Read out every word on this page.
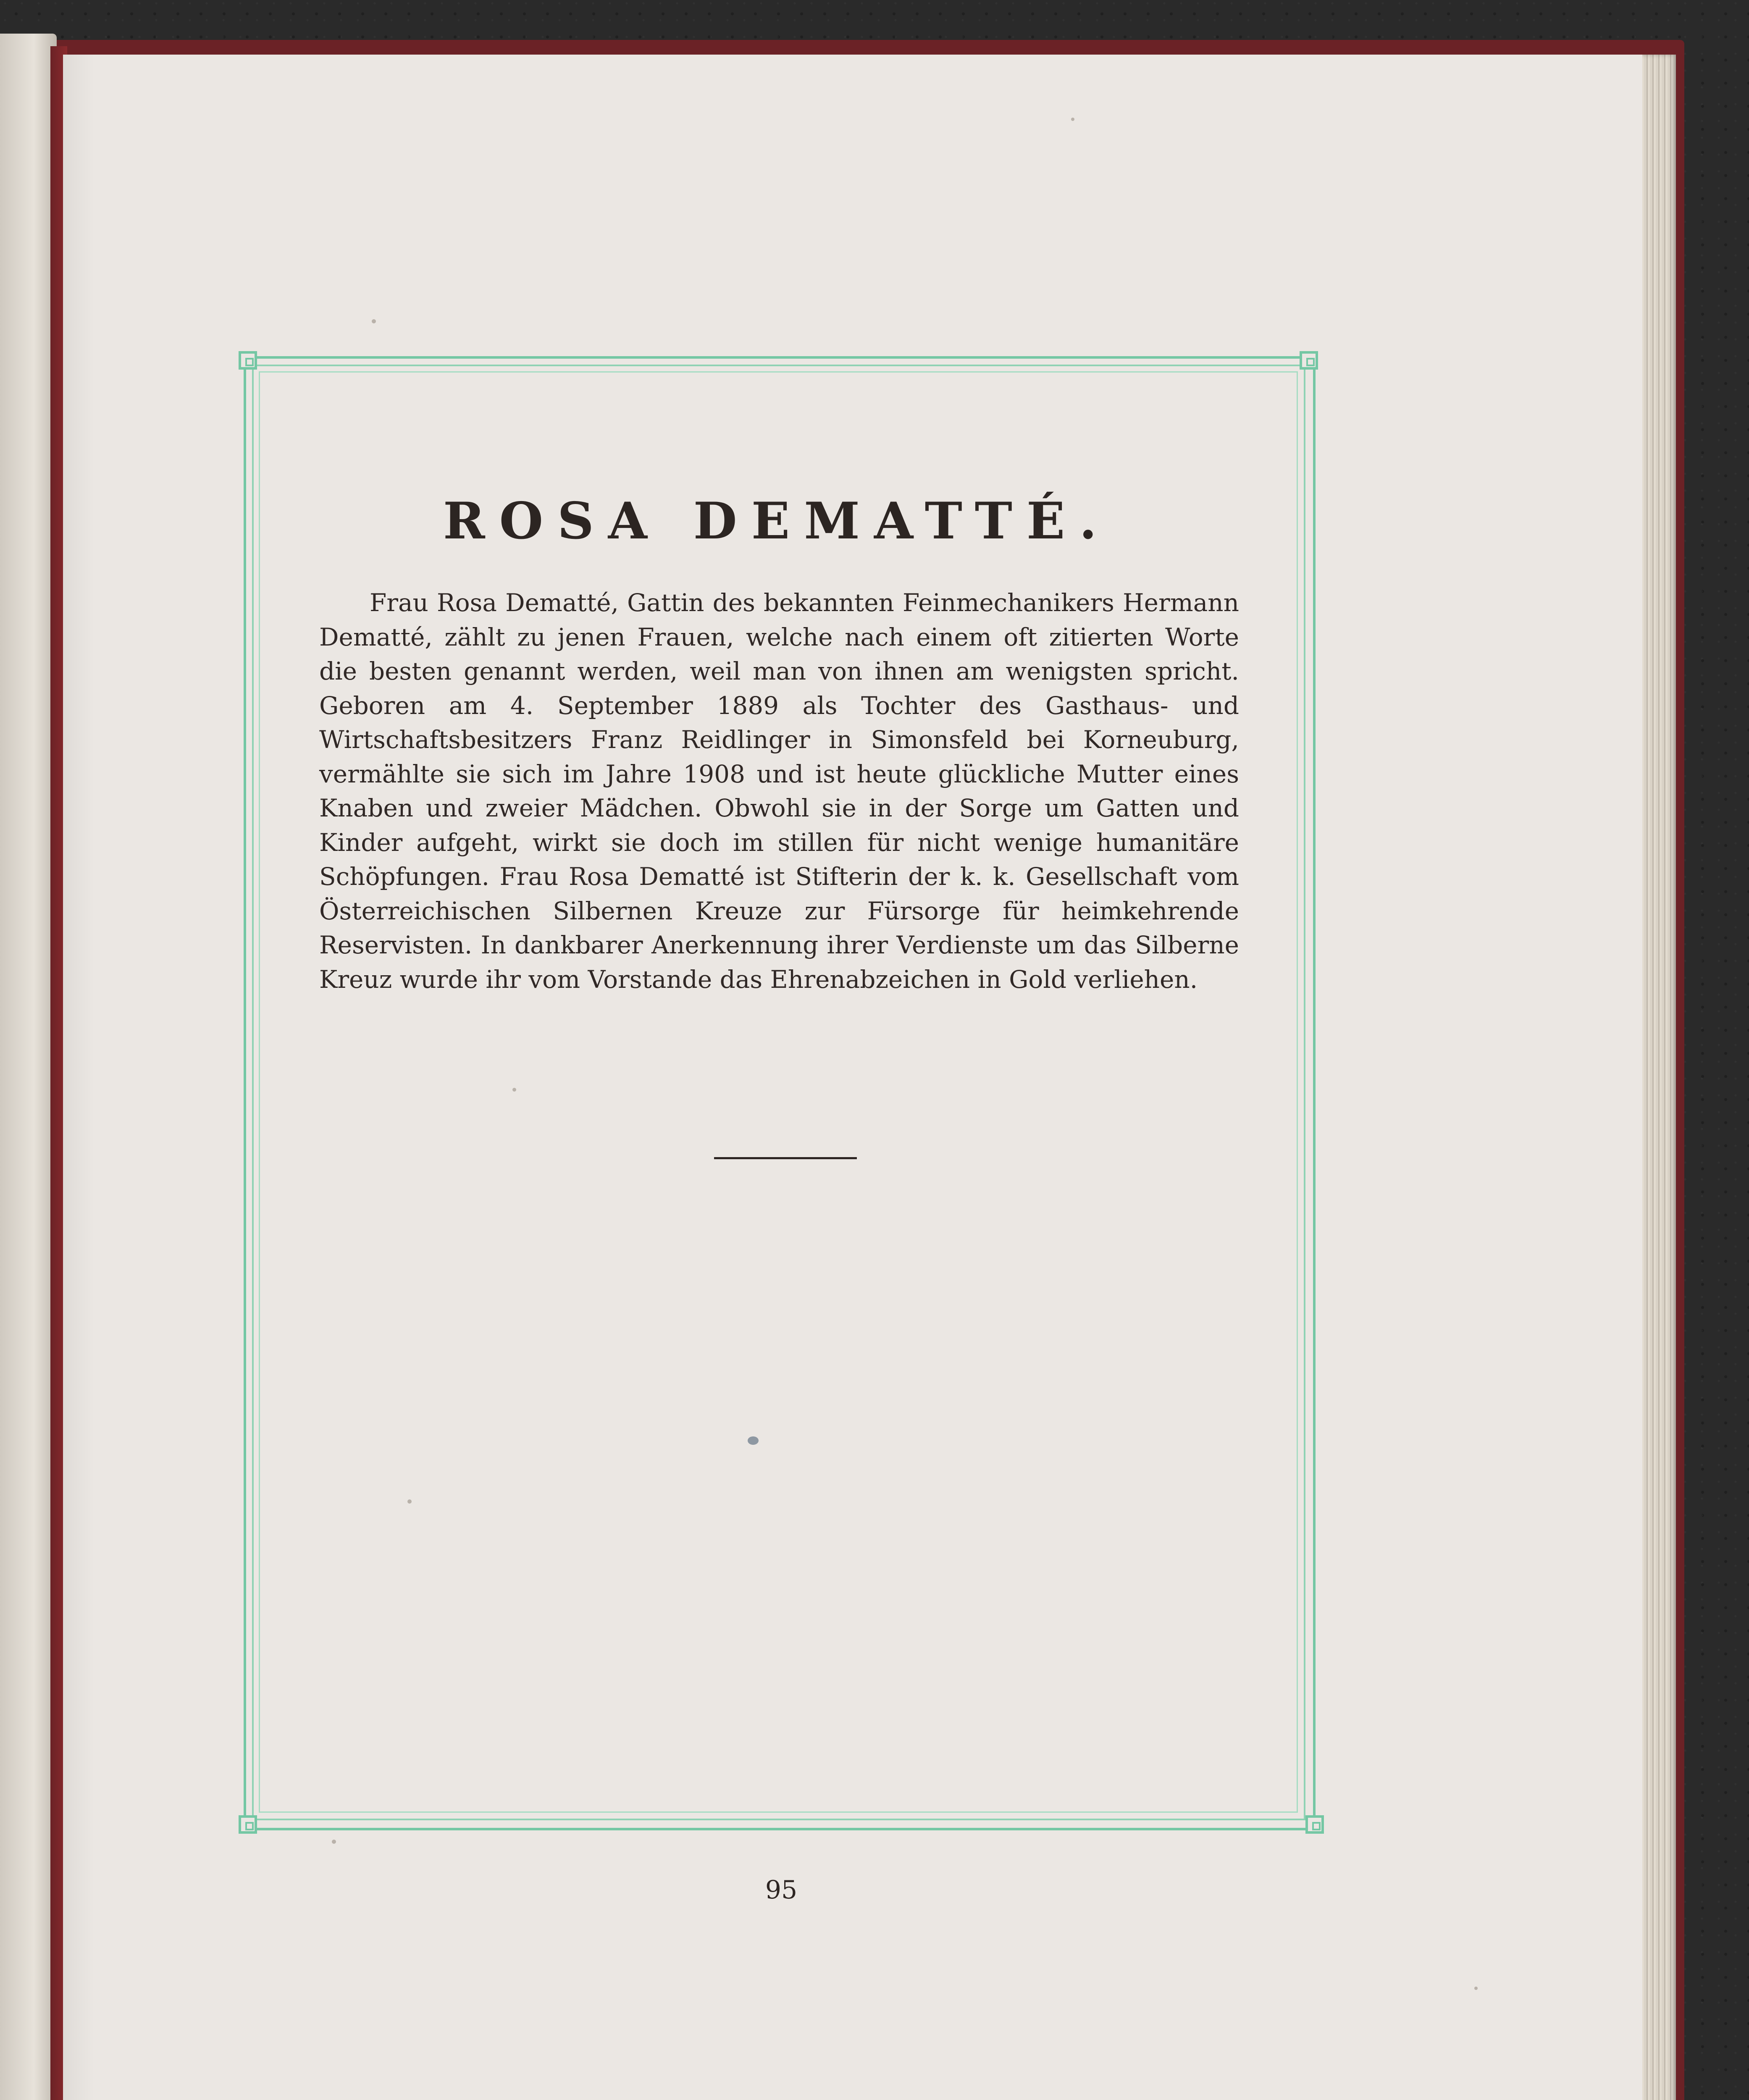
ROSA DEMATTÉ.
Frau Rosa Dematté, Gattin des bekannten Feinmechanikers Hermann Dematté, zählt zu jenen Frauen, welche nach einem oft zitierten Worte die besten genannt werden, weil man von ihnen am wenigsten spricht. Geboren am 4. September 1889 als Tochter des Gasthaus- und Wirtschaftsbesitzers Franz Reidlinger in Simonsfeld bei Korneuburg, vermählte sie sich im Jahre 1908 und ist heute glückliche Mutter eines Knaben und zweier Mädchen. Obwohl sie in der Sorge um Gatten und Kinder aufgeht, wirkt sie doch im stillen für nicht wenige humanitäre Schöpfungen. Frau Rosa Dematté ist Stifterin der k. k. Gesellschaft vom Österreichischen Silbernen Kreuze zur Fürsorge für heimkehrende Reservisten. In dankbarer Anerkennung ihrer Verdienste um das Silberne Kreuz wurde ihr vom Vorstande das Ehrenabzeichen in Gold verliehen.
95
